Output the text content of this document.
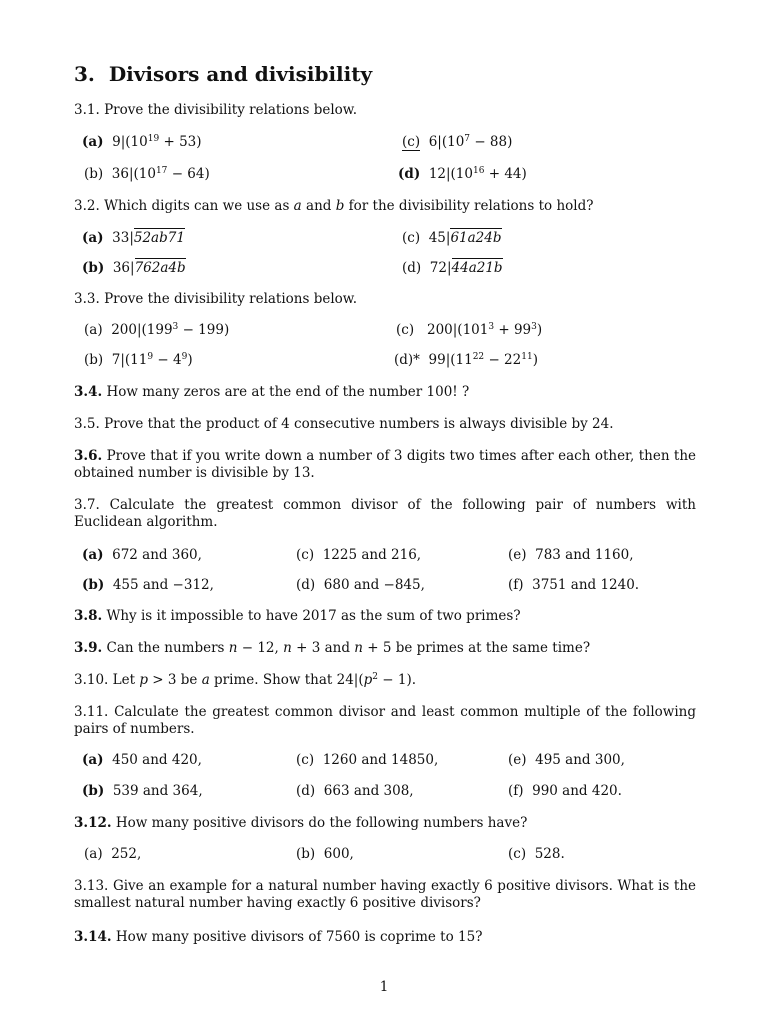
3. Divisors and divisibility
3.1. Prove the divisibility relations below.
(a) $9|(10^{19} + 53)$
(b) $36|(10^{17} - 64)$
(c) $6|(10^7 - 88)$
(d) $12|(10^{16} + 44)$
3.2. Which digits can we use as a and b for the divisibility relations to hold?
(a) 33|52ab71
(b) 36|762a4b
(c) 45|61a24b
(d) 72|44a21b
3.3. Prove the divisibility relations below.
(a) $200|(199^3 - 199)$
(b) $7|(11^9 - 4^9)$
(c) $200|(101^3 + 99^3)$
(d)* $99|(11^{22} - 22^{11})$
3.4. How many zeros are at the end of the number 100! ?
3.5. Prove that the product of 4 consecutive numbers is always divisible by 24.
3.6. Prove that if you write down a number of 3 digits two times after each other, then the obtained number is divisible by 13.
3.7. Calculate the greatest common divisor of the following pair of numbers with Euclidean algorithm.
(a) 672 and 360,
(b) 455 and −312,
(c) 1225 and 216,
(d) 680 and −845,
(e) 783 and 1160,
(f) 3751 and 1240.
3.8. Why is it impossible to have 2017 as the sum of two primes?
3.9. Can the numbers n − 12, n + 3 and n + 5 be primes at the same time?
3.10. Let p > 3 be a prime. Show that $24|(p^2 - 1)$.
3.11. Calculate the greatest common divisor and least common multiple of the following pairs of numbers.
(a) 450 and 420,
(b) 539 and 364,
(c) 1260 and 14850,
(d) 663 and 308,
(e) 495 and 300,
(f) 990 and 420.
3.12. How many positive divisors do the following numbers have?
(a) 252,	(b) 600,	(c) 528.
3.13. Give an example for a natural number having exactly 6 positive divisors. What is the smallest natural number having exactly 6 positive divisors?
3.14. How many positive divisors of 7560 is coprime to 15?
1
